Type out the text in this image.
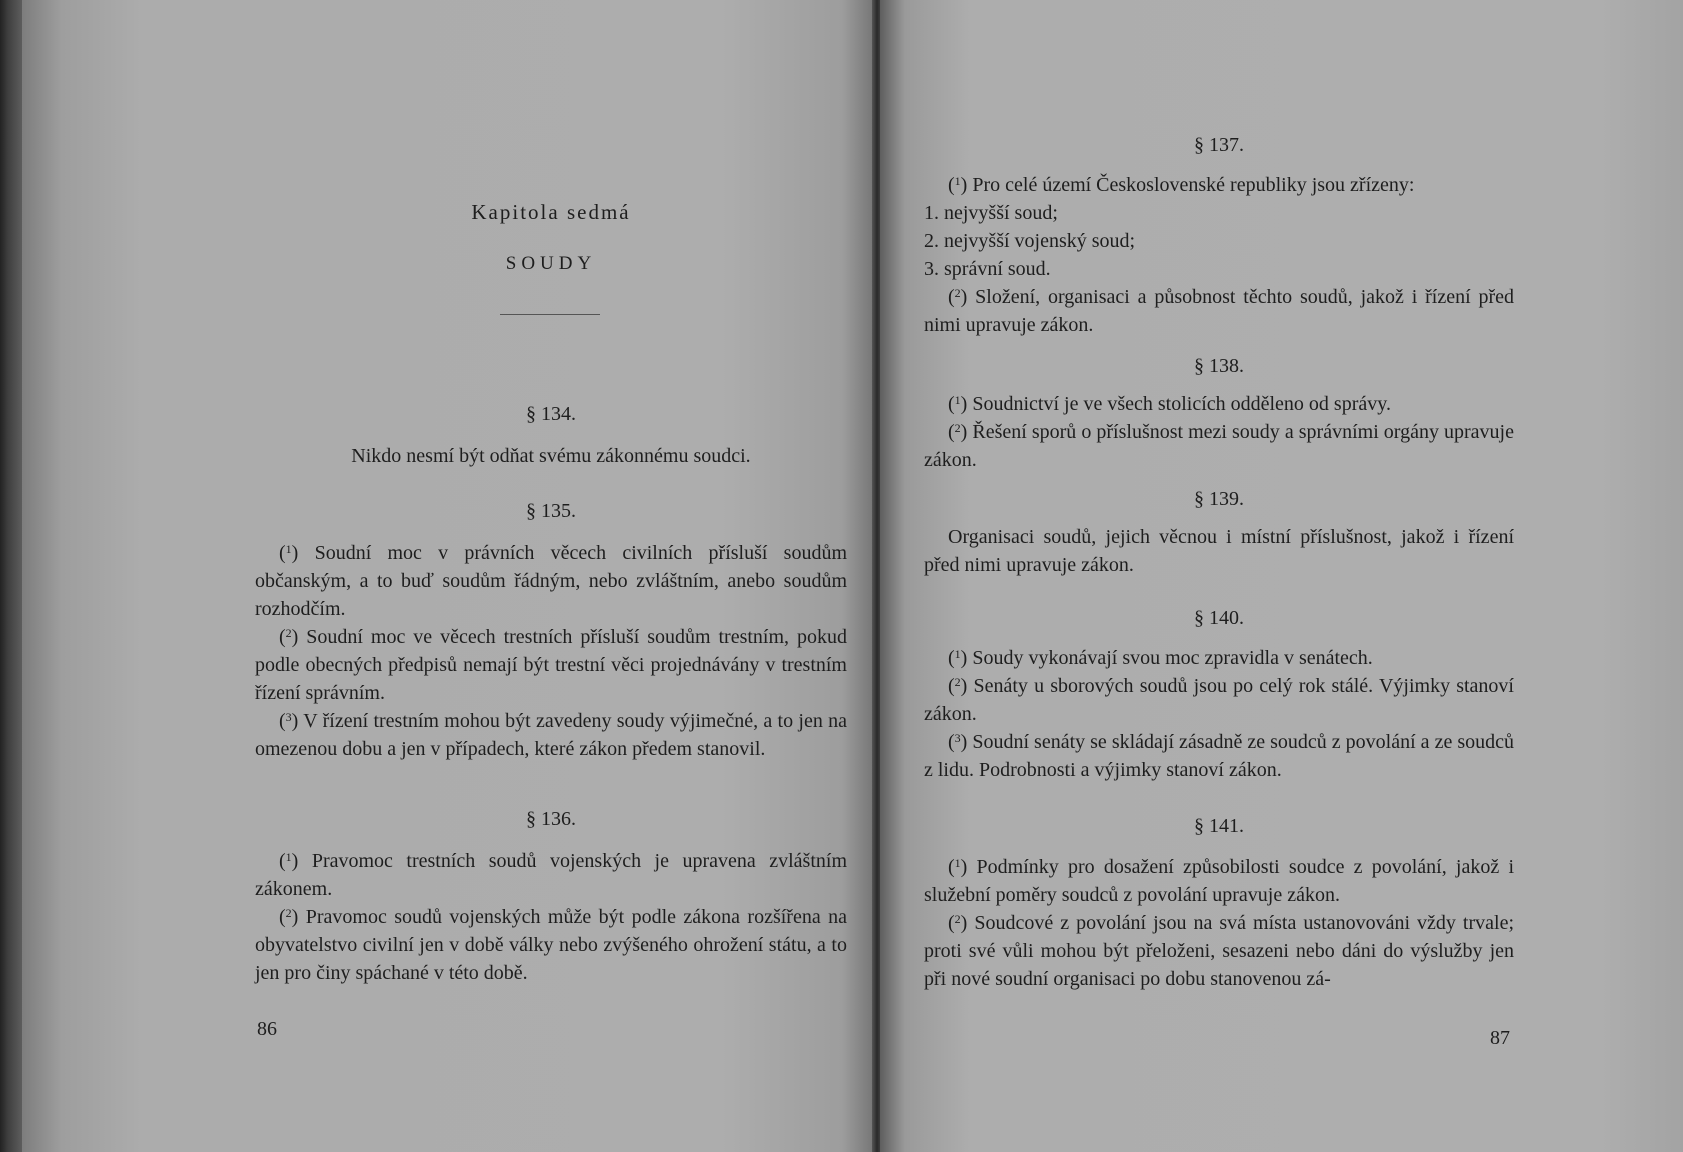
Kapitola sedmá
SOUDY
§ 134.
Nikdo nesmí být odňat svému zákonnému soudci.
§ 135.

($^1$) Soudní moc v právních věcech civilních přísluší soudům občanským, a to buď soudům řádným, nebo zvláštním, anebo soudům rozhodčím.

($^2$) Soudní moc ve věcech trestních přísluší soudům trestním, pokud podle obecných předpisů nemají být trestní věci projednávány v trestním řízení správním.

($^3$) V řízení trestním mohou být zavedeny soudy výjimečné, a to jen na omezenou dobu a jen v případech, které zákon předem stanovil.

§ 136.

($^1$) Pravomoc trestních soudů vojenských je upravena zvláštním zákonem.

($^2$) Pravomoc soudů vojenských může být podle zákona rozšířena na obyvatelstvo civilní jen v době války nebo zvýšeného ohrožení státu, a to jen pro činy spáchané v této době.

86
§ 137.

($^1$) Pro celé území Československé republiky jsou zřízeny:

1. nejvyšší soud;

2. nejvyšší vojenský soud;

3. správní soud.

($^2$) Složení, organisaci a působnost těchto soudů, jakož i řízení před nimi upravuje zákon.

§ 138.

($^1$) Soudnictví je ve všech stolicích odděleno od správy.

($^2$) Řešení sporů o příslušnost mezi soudy a správními orgány upravuje zákon.

§ 139.

Organisaci soudů, jejich věcnou i místní příslušnost, jakož i řízení před nimi upravuje zákon.

§ 140.

($^1$) Soudy vykonávají svou moc zpravidla v senátech.

($^2$) Senáty u sborových soudů jsou po celý rok stálé. Výjimky stanoví zákon.

($^3$) Soudní senáty se skládají zásadně ze soudců z povolání a ze soudců z lidu. Podrobnosti a výjimky stanoví zákon.

§ 141.

($^1$) Podmínky pro dosažení způsobilosti soudce z povolání, jakož i služební poměry soudců z povolání upravuje zákon.

($^2$) Soudcové z povolání jsou na svá místa ustanovováni vždy trvale; proti své vůli mohou být přeloženi, sesazeni nebo dáni do výslužby jen při nové soudní organisaci po dobu stanovenou zá-

87
